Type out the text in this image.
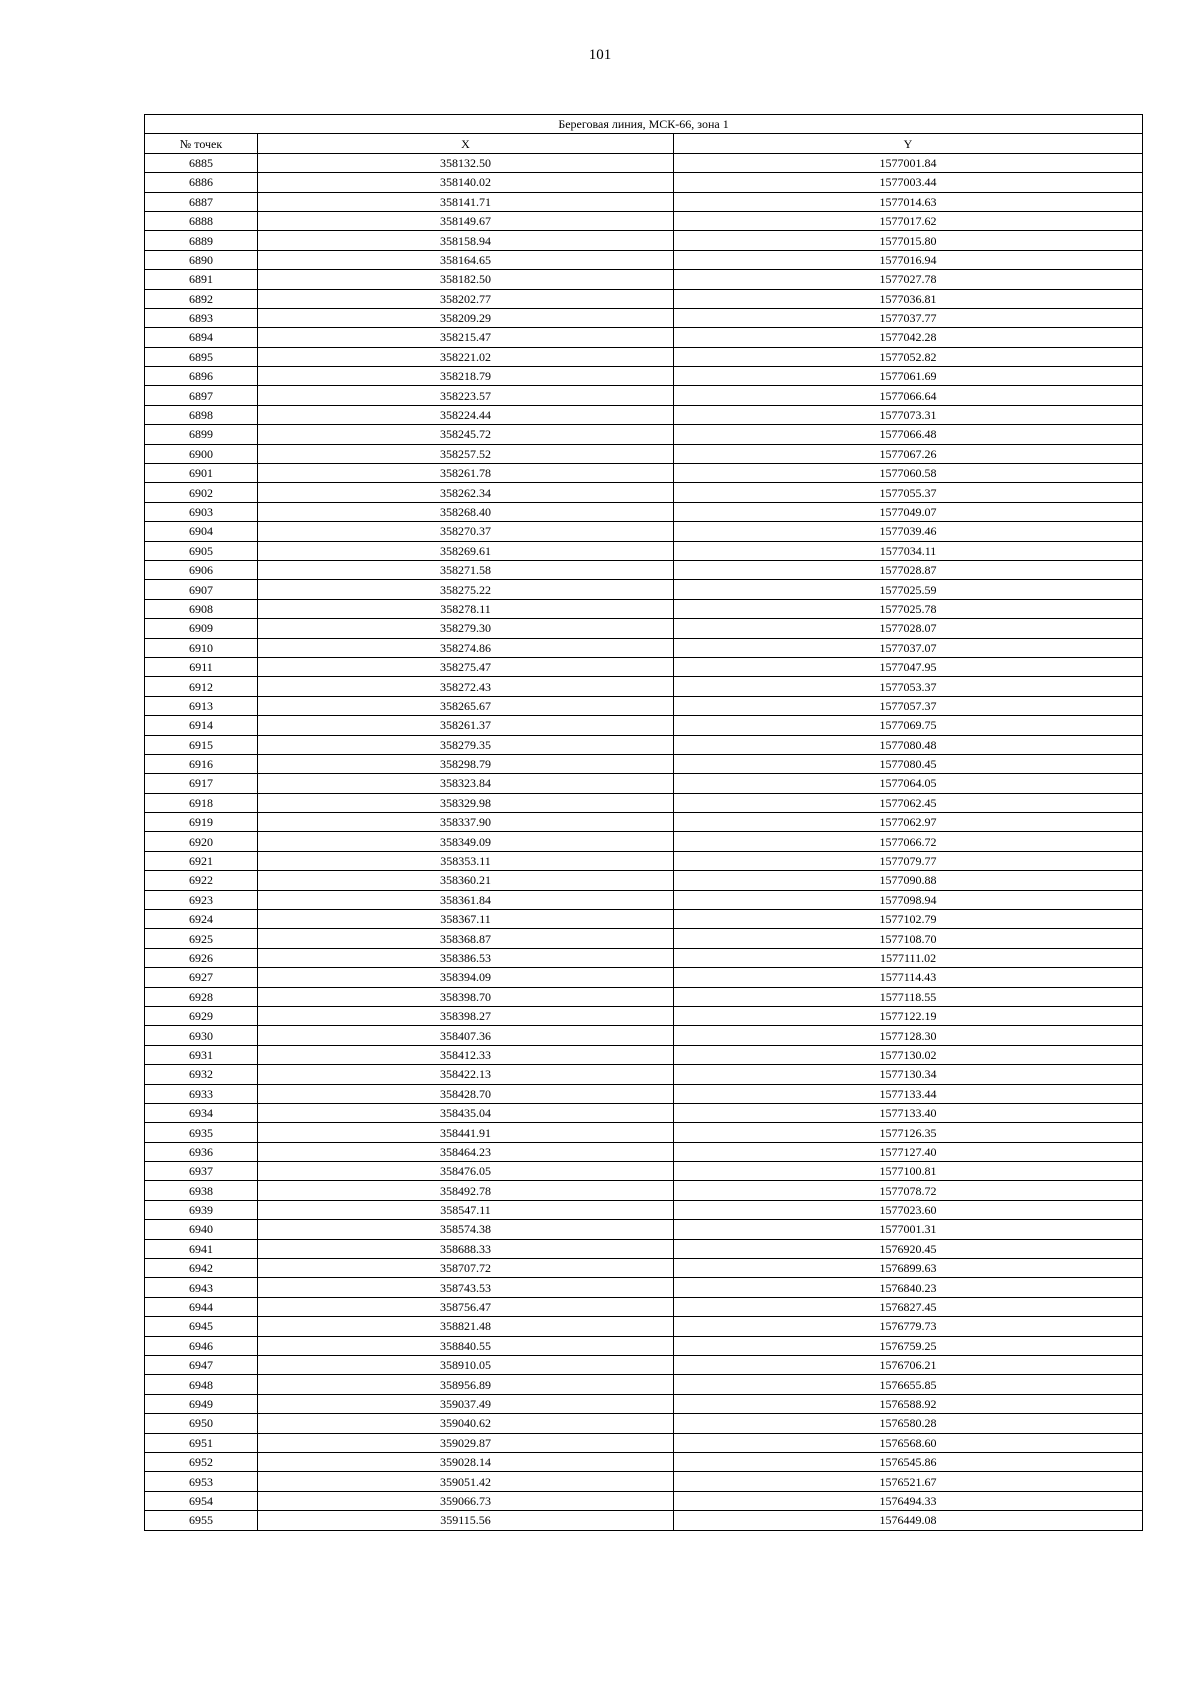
101
Береговая линия, МСК-66, зона 1		
№ точек	X	Y
6885	358132.50	1577001.84
6886	358140.02	1577003.44
6887	358141.71	1577014.63
6888	358149.67	1577017.62
6889	358158.94	1577015.80
6890	358164.65	1577016.94
6891	358182.50	1577027.78
6892	358202.77	1577036.81
6893	358209.29	1577037.77
6894	358215.47	1577042.28
6895	358221.02	1577052.82
6896	358218.79	1577061.69
6897	358223.57	1577066.64
6898	358224.44	1577073.31
6899	358245.72	1577066.48
6900	358257.52	1577067.26
6901	358261.78	1577060.58
6902	358262.34	1577055.37
6903	358268.40	1577049.07
6904	358270.37	1577039.46
6905	358269.61	1577034.11
6906	358271.58	1577028.87
6907	358275.22	1577025.59
6908	358278.11	1577025.78
6909	358279.30	1577028.07
6910	358274.86	1577037.07
6911	358275.47	1577047.95
6912	358272.43	1577053.37
6913	358265.67	1577057.37
6914	358261.37	1577069.75
6915	358279.35	1577080.48
6916	358298.79	1577080.45
6917	358323.84	1577064.05
6918	358329.98	1577062.45
6919	358337.90	1577062.97
6920	358349.09	1577066.72
6921	358353.11	1577079.77
6922	358360.21	1577090.88
6923	358361.84	1577098.94
6924	358367.11	1577102.79
6925	358368.87	1577108.70
6926	358386.53	1577111.02
6927	358394.09	1577114.43
6928	358398.70	1577118.55
6929	358398.27	1577122.19
6930	358407.36	1577128.30
6931	358412.33	1577130.02
6932	358422.13	1577130.34
6933	358428.70	1577133.44
6934	358435.04	1577133.40
6935	358441.91	1577126.35
6936	358464.23	1577127.40
6937	358476.05	1577100.81
6938	358492.78	1577078.72
6939	358547.11	1577023.60
6940	358574.38	1577001.31
6941	358688.33	1576920.45
6942	358707.72	1576899.63
6943	358743.53	1576840.23
6944	358756.47	1576827.45
6945	358821.48	1576779.73
6946	358840.55	1576759.25
6947	358910.05	1576706.21
6948	358956.89	1576655.85
6949	359037.49	1576588.92
6950	359040.62	1576580.28
6951	359029.87	1576568.60
6952	359028.14	1576545.86
6953	359051.42	1576521.67
6954	359066.73	1576494.33
6955	359115.56	1576449.08
